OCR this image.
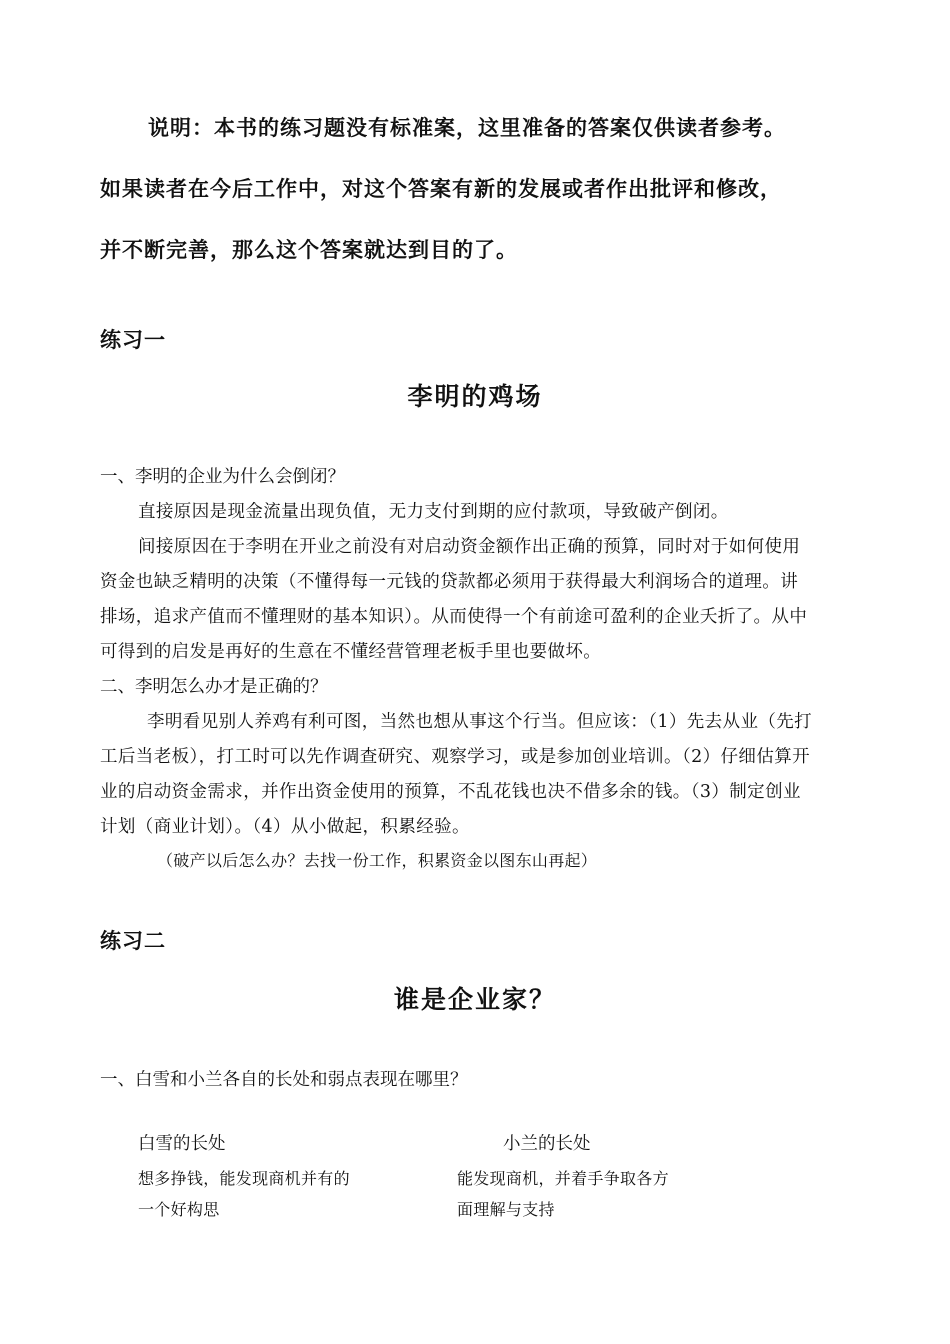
说明：本书的练习题没有标准案，这里准备的答案仅供读者参考。
如果读者在今后工作中，对这个答案有新的发展或者作出批评和修改，
并不断完善，那么这个答案就达到目的了。
练习一
李明的鸡场
一、李明的企业为什么会倒闭？
直接原因是现金流量出现负值，无力支付到期的应付款项，导致破产倒闭。
间接原因在于李明在开业之前没有对启动资金额作出正确的预算，同时对于如何使用
资金也缺乏精明的决策（不懂得每一元钱的贷款都必须用于获得最大利润场合的道理。讲
排场，追求产值而不懂理财的基本知识）。从而使得一个有前途可盈利的企业夭折了。从中
可得到的启发是再好的生意在不懂经营管理老板手里也要做坏。
二、李明怎么办才是正确的？
李明看见别人养鸡有利可图，当然也想从事这个行当。但应该：（1）先去从业（先打
工后当老板），打工时可以先作调查研究、观察学习，或是参加创业培训。（2）仔细估算开
业的启动资金需求，并作出资金使用的预算，不乱花钱也决不借多余的钱。（3）制定创业
计划（商业计划）。（4）从小做起，积累经验。
（破产以后怎么办？去找一份工作，积累资金以图东山再起）
练习二
谁是企业家？
一、白雪和小兰各自的长处和弱点表现在哪里？
白雪的长处	小兰的长处
想多挣钱，能发现商机并有的
一个好构思
能发现商机，并着手争取各方
面理解与支持
